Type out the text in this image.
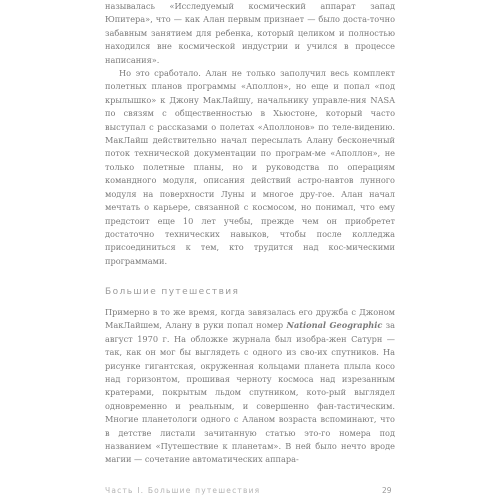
называлась «Исследуемый космический аппарат запад Юпитера», что — как Алан первым признает — было доста-точно забавным занятием для ребенка, который целиком и полностью находился вне космической индустрии и учился в процессе написания».

Но это сработало. Алан не только заполучил весь комплект полетных планов программы «Аполлон», но еще и попал «под крылышко» к Джону МакЛайшу, начальнику управле-ния NASA по связям с общественностью в Хьюстоне, который часто выступал с рассказами о полетах «Аполлонов» по теле-видению. МакЛайш действительно начал пересылать Алану бесконечный поток технической документации по програм-ме «Аполлон», не только полетные планы, но и руководства по операциям командного модуля, описания действий астро-навтов лунного модуля на поверхности Луны и многое дру-гое. Алан начал мечтать о карьере, связанной с космосом, но понимал, что ему предстоит еще 10 лет учебы, прежде чем он приобретет достаточно технических навыков, чтобы после колледжа присоединиться к тем, кто трудится над кос-мическими программами.

Большие путешествия

Примерно в то же время, когда завязалась его дружба с Джоном МакЛайшем, Алану в руки попал номер National Geographic за август 1970 г. На обложке журнала был изобра-жен Сатурн — так, как он мог бы выглядеть с одного из сво-их спутников. На рисунке гигантская, окруженная кольцами планета плыла косо над горизонтом, прошивая черноту космоса над изрезанным кратерами, покрытым льдом спутником, кото-рый выглядел одновременно и реальным, и совершенно фан-тастическим. Многие планетологи одного с Аланом возраста вспоминают, что в детстве листали зачитанную статью это-го номера под названием «Путешествие к планетам». В ней было нечто вроде магии — сочетание автоматических аппара-

Часть I. Большие путешествия	29
